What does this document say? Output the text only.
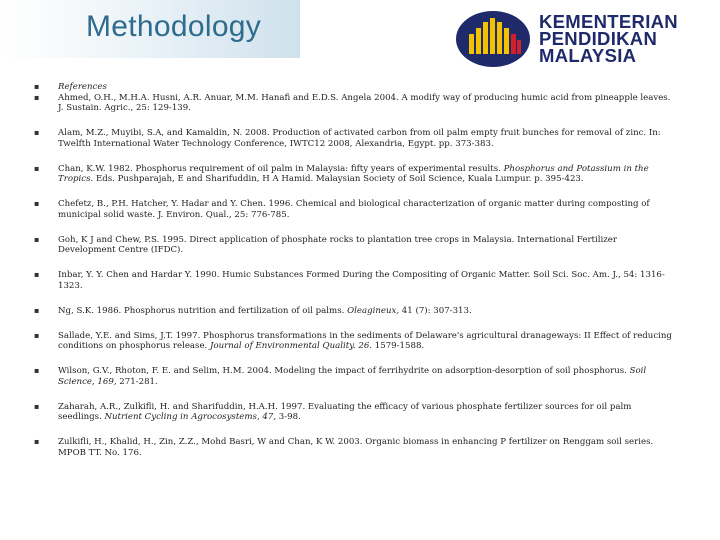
Methodology	KEMENTERIAN
PENDIDIKAN
MALAYSIA
▪ References
▪ Ahmed, O.H., M.H.A. Husni, A.R. Anuar, M.M. Hanafi and E.D.S. Angela 2004. A modify way of producing humic acid from pineapple leaves. J. Sustain. Agric., 25: 129-139.
▪ Alam, M.Z., Muyibi, S.A, and Kamaldin, N. 2008. Production of activated carbon from oil palm empty fruit bunches for removal of zinc. In: Twelfth International Water Technology Conference, IWTC12 2008, Alexandria, Egypt. pp. 373-383.
▪ Chan, K.W. 1982. Phosphorus requirement of oil palm in Malaysia: fifty years of experimental results. Phosphorus and Potassium in the Tropics. Eds. Pushparajah, E and Sharifuddin, H A Hamid. Malaysian Society of Soil Science, Kuala Lumpur. p. 395-423.
▪ Chefetz, B., P.H. Hatcher, Y. Hadar and Y. Chen. 1996. Chemical and biological characterization of organic matter during composting of municipal solid waste. J. Environ. Qual., 25: 776-785.
▪ Goh, K J and Chew, P.S. 1995. Direct application of phosphate rocks to plantation tree crops in Malaysia. International Fertilizer Development Centre (IFDC).
▪ Inbar, Y. Y. Chen and Hardar Y. 1990. Humic Substances Formed During the Compositing of Organic Matter. Soil Sci. Soc. Am. J., 54: 1316-1323.
▪ Ng, S.K. 1986. Phosphorus nutrition and fertilization of oil palms. Oleagineux, 41 (7): 307-313.
▪ Sallade, Y.E. and Sims, J.T. 1997. Phosphorus transformations in the sediments of Delaware's agricultural dranageways: II Effect of reducing conditions on phosphorus release. Journal of Environmental Quality. 26. 1579-1588.
▪ Wilson, G.V., Rhoton, F. E. and Selim, H.M. 2004. Modeling the impact of ferrihydrite on adsorption-desorption of soil phosphorus. Soil Science, 169, 271-281.
▪ Zaharah, A.R., Zulkifli, H. and Sharifuddin, H.A.H. 1997. Evaluating the efficacy of various phosphate fertilizer sources for oil palm seedlings. Nutrient Cycling in Agrocosystems, 47, 3-98.
▪ Zulkifli, H., Khalid, H., Zin, Z.Z., Mohd Basri, W and Chan, K W. 2003. Organic biomass in enhancing P fertilizer on Renggam soil series. MPOB TT. No. 176.
